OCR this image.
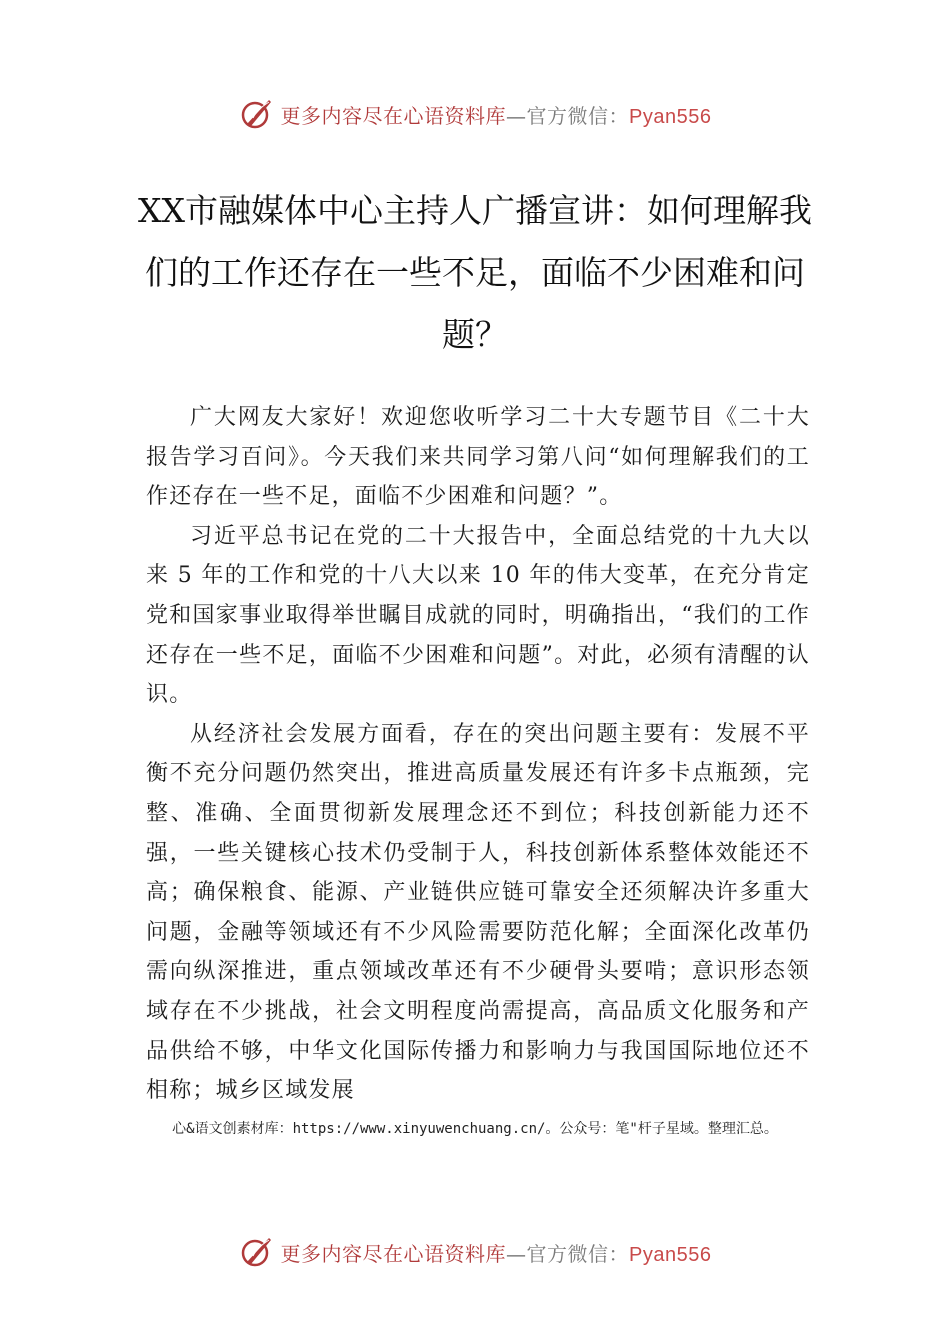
更多内容尽在心语资料库—官方微信：Pyan556
XX市融媒体中心主持人广播宣讲：如何理解我们的工作还存在一些不足，面临不少困难和问题？

广大网友大家好！欢迎您收听学习二十大专题节目《二十大报告学习百问》。今天我们来共同学习第八问“如何理解我们的工作还存在一些不足，面临不少困难和问题？”。

习近平总书记在党的二十大报告中，全面总结党的十九大以来 5 年的工作和党的十八大以来 10 年的伟大变革，在充分肯定党和国家事业取得举世瞩目成就的同时，明确指出，“我们的工作还存在一些不足，面临不少困难和问题”。对此，必须有清醒的认识。

从经济社会发展方面看，存在的突出问题主要有：发展不平衡不充分问题仍然突出，推进高质量发展还有许多卡点瓶颈，完整、准确、全面贯彻新发展理念还不到位；科技创新能力还不强，一些关键核心技术仍受制于人，科技创新体系整体效能还不高；确保粮食、能源、产业链供应链可靠安全还须解决许多重大问题，金融等领域还有不少风险需要防范化解；全面深化改革仍需向纵深推进，重点领域改革还有不少硬骨头要啃；意识形态领域存在不少挑战，社会文明程度尚需提高，高品质文化服务和产品供给不够，中华文化国际传播力和影响力与我国国际地位还不相称；城乡区域发展

心&语文创素材库：https://www.xinyuwenchuang.cn/。公众号：笔"杆子星域。整理汇总。
更多内容尽在心语资料库—官方微信：Pyan556
